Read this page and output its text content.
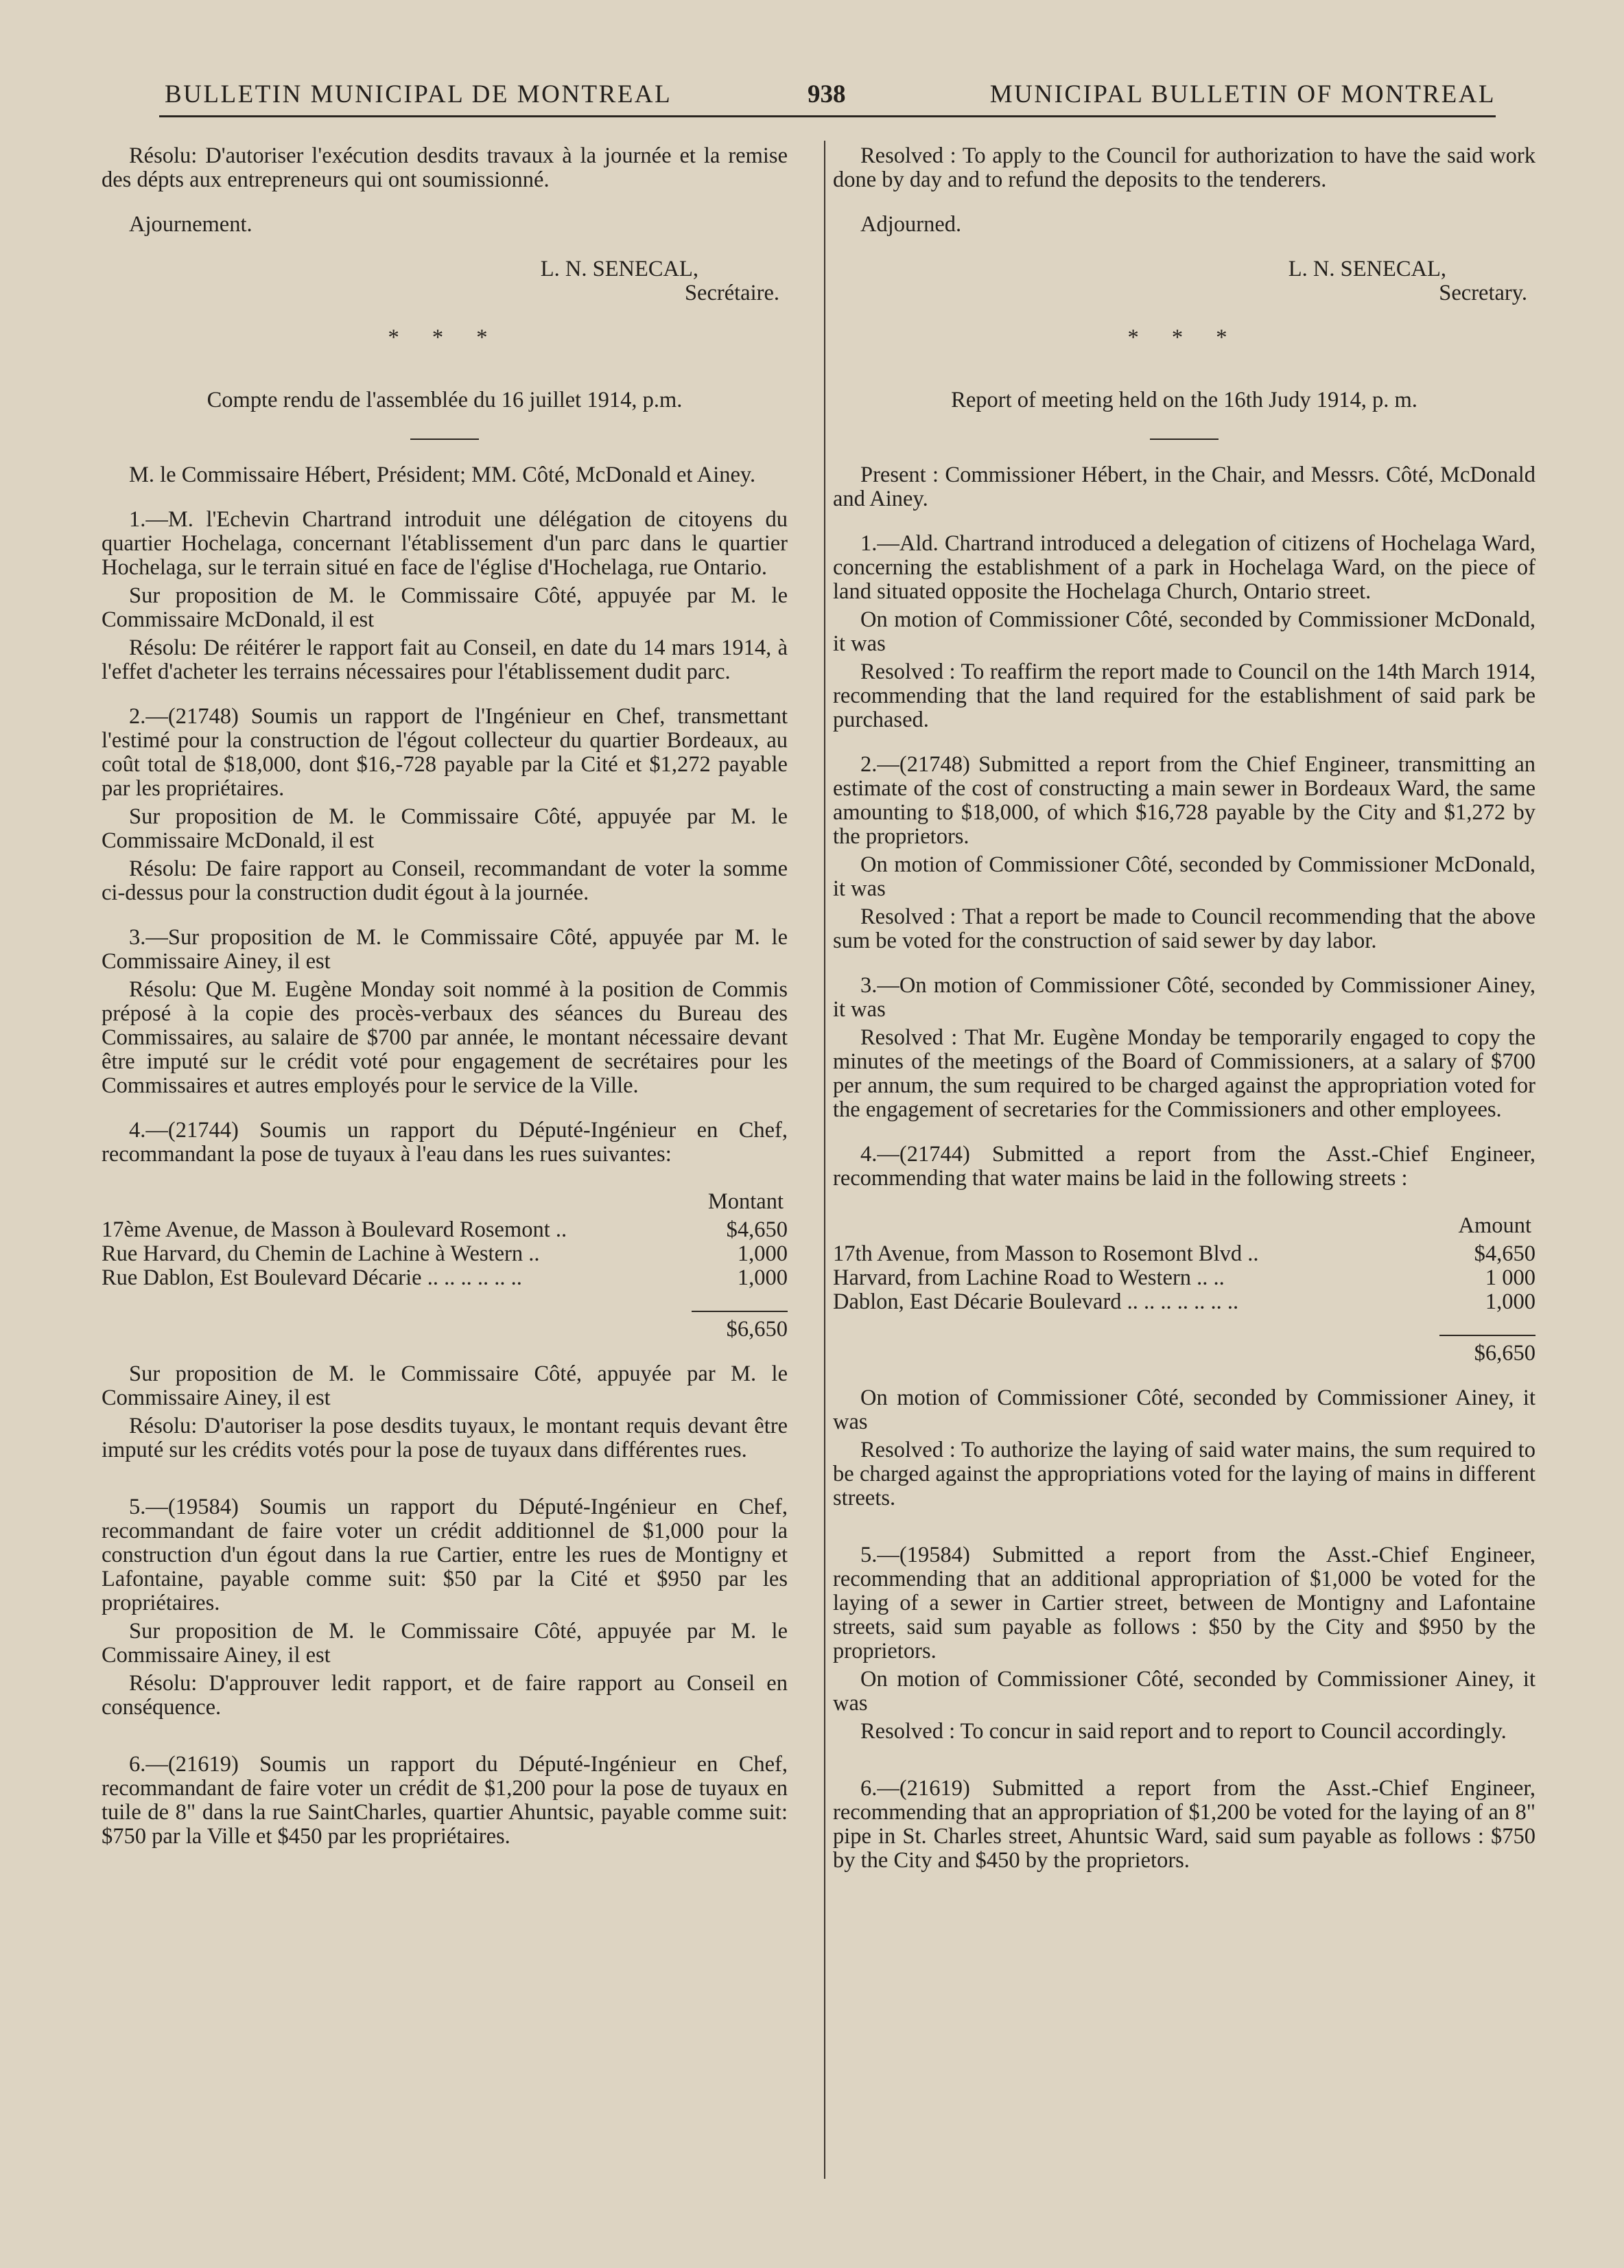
BULLETIN MUNICIPAL DE MONTREAL	938	MUNICIPAL BULLETIN OF MONTREAL

Résolu: D'autoriser l'exécution desdits travaux à la journée et la remise des dépts aux entrepreneurs qui ont soumissionné.

Ajournement.

L. N. SENECAL,
Secrétaire.
* * *

Compte rendu de l'assemblée du 16 juillet 1914, p.m.

M. le Commissaire Hébert, Président; MM. Côté, McDonald et Ainey.

1.—M. l'Echevin Chartrand introduit une délégation de citoyens du quartier Hochelaga, concernant l'établissement d'un parc dans le quartier Hochelaga, sur le terrain situé en face de l'église d'Hochelaga, rue Ontario.

Sur proposition de M. le Commissaire Côté, appuyée par M. le Commissaire McDonald, il est

Résolu: De réitérer le rapport fait au Conseil, en date du 14 mars 1914, à l'effet d'acheter les terrains nécessaires pour l'établissement dudit parc.

2.—(21748) Soumis un rapport de l'Ingénieur en Chef, transmettant l'estimé pour la construction de l'égout collecteur du quartier Bordeaux, au coût total de $18,000, dont $16,-728 payable par la Cité et $1,272 payable par les propriétaires.

Sur proposition de M. le Commissaire Côté, appuyée par M. le Commissaire McDonald, il est

Résolu: De faire rapport au Conseil, recommandant de voter la somme ci-dessus pour la construction dudit égout à la journée.

3.—Sur proposition de M. le Commissaire Côté, appuyée par M. le Commissaire Ainey, il est

Résolu: Que M. Eugène Monday soit nommé à la position de Commis préposé à la copie des procès-verbaux des séances du Bureau des Commissaires, au salaire de $700 par année, le montant nécessaire devant être imputé sur le crédit voté pour engagement de secrétaires pour les Commissaires et autres employés pour le service de la Ville.

4.—(21744) Soumis un rapport du Député-Ingénieur en Chef, recommandant la pose de tuyaux à l'eau dans les rues suivantes:

Montant
17ème Avenue, de Masson à Boulevard Rosemont ..	$4,650
Rue Harvard, du Chemin de Lachine à Western ..	1,000
Rue Dablon, Est Boulevard Décarie .. .. .. .. .. ..	1,000
$6,650

Sur proposition de M. le Commissaire Côté, appuyée par M. le Commissaire Ainey, il est

Résolu: D'autoriser la pose desdits tuyaux, le montant requis devant être imputé sur les crédits votés pour la pose de tuyaux dans différentes rues.

5.—(19584) Soumis un rapport du Député-Ingénieur en Chef, recommandant de faire voter un crédit additionnel de $1,000 pour la construction d'un égout dans la rue Cartier, entre les rues de Montigny et Lafontaine, payable comme suit: $50 par la Cité et $950 par les propriétaires.

Sur proposition de M. le Commissaire Côté, appuyée par M. le Commissaire Ainey, il est

Résolu: D'approuver ledit rapport, et de faire rapport au Conseil en conséquence.

6.—(21619) Soumis un rapport du Député-Ingénieur en Chef, recommandant de faire voter un crédit de $1,200 pour la pose de tuyaux en tuile de 8" dans la rue SaintCharles, quartier Ahuntsic, payable comme suit: $750 par la Ville et $450 par les propriétaires.

Resolved : To apply to the Council for authorization to have the said work done by day and to refund the deposits to the tenderers.

Adjourned.

L. N. SENECAL,
Secretary.
* * *

Report of meeting held on the 16th Judy 1914, p. m.

Present : Commissioner Hébert, in the Chair, and Messrs. Côté, McDonald and Ainey.

1.—Ald. Chartrand introduced a delegation of citizens of Hochelaga Ward, concerning the establishment of a park in Hochelaga Ward, on the piece of land situated opposite the Hochelaga Church, Ontario street.

On motion of Commissioner Côté, seconded by Commissioner McDonald, it was

Resolved : To reaffirm the report made to Council on the 14th March 1914, recommending that the land required for the establishment of said park be purchased.

2.—(21748) Submitted a report from the Chief Engineer, transmitting an estimate of the cost of constructing a main sewer in Bordeaux Ward, the same amounting to $18,000, of which $16,728 payable by the City and $1,272 by the proprietors.

On motion of Commissioner Côté, seconded by Commissioner McDonald, it was

Resolved : That a report be made to Council recommending that the above sum be voted for the construction of said sewer by day labor.

3.—On motion of Commissioner Côté, seconded by Commissioner Ainey, it was

Resolved : That Mr. Eugène Monday be temporarily engaged to copy the minutes of the meetings of the Board of Commissioners, at a salary of $700 per annum, the sum required to be charged against the appropriation voted for the engagement of secretaries for the Commissioners and other employees.

4.—(21744) Submitted a report from the Asst.-Chief Engineer, recommending that water mains be laid in the following streets :

Amount
17th Avenue, from Masson to Rosemont Blvd ..	$4,650
Harvard, from Lachine Road to Western .. ..	1 000
Dablon, East Décarie Boulevard .. .. .. .. .. .. ..	1,000
$6,650

On motion of Commissioner Côté, seconded by Commissioner Ainey, it was

Resolved : To authorize the laying of said water mains, the sum required to be charged against the appropriations voted for the laying of mains in different streets.

5.—(19584) Submitted a report from the Asst.-Chief Engineer, recommending that an additional appropriation of $1,000 be voted for the laying of a sewer in Cartier street, between de Montigny and Lafontaine streets, said sum payable as follows : $50 by the City and $950 by the proprietors.

On motion of Commissioner Côté, seconded by Commissioner Ainey, it was

Resolved : To concur in said report and to report to Council accordingly.

6.—(21619) Submitted a report from the Asst.-Chief Engineer, recommending that an appropriation of $1,200 be voted for the laying of an 8" pipe in St. Charles street, Ahuntsic Ward, said sum payable as follows : $750 by the City and $450 by the proprietors.
